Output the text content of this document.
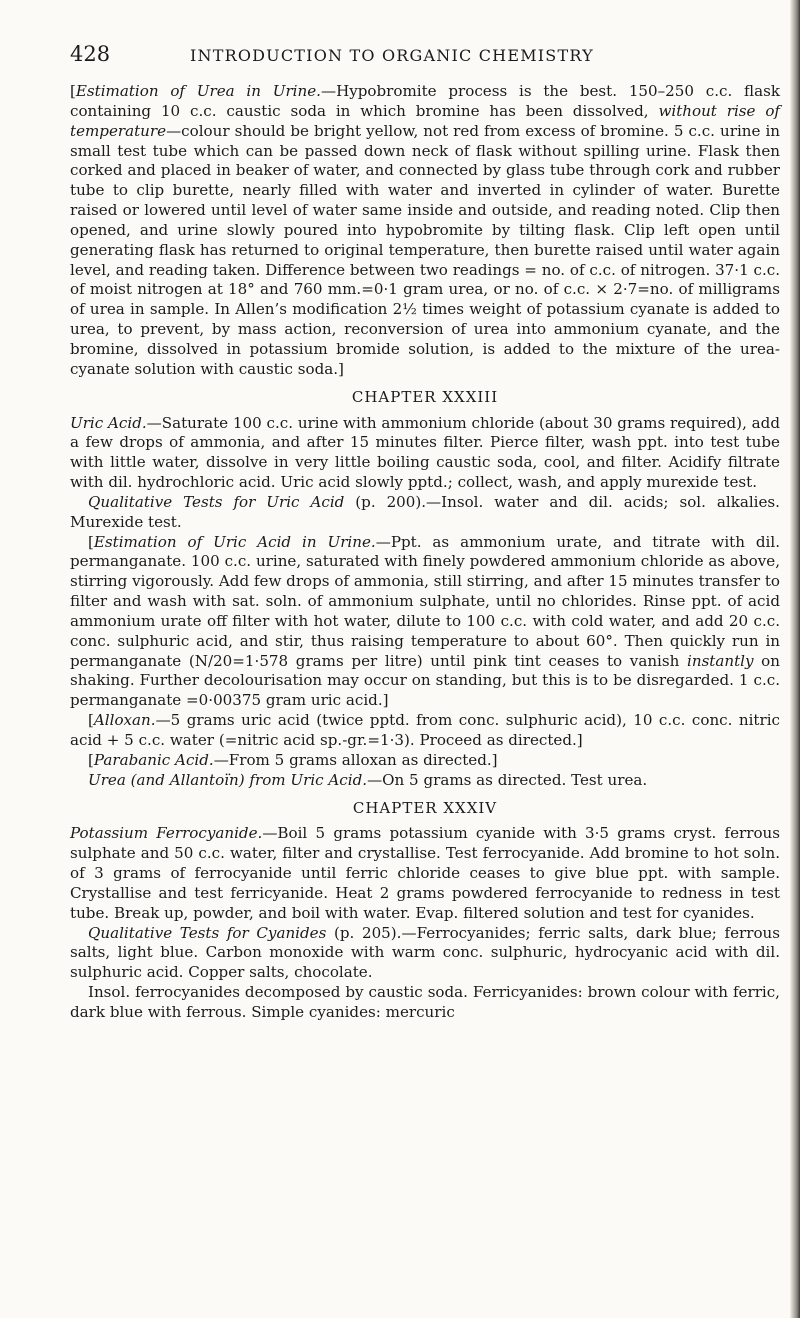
428	INTRODUCTION TO ORGANIC CHEMISTRY

[Estimation of Urea in Urine.—Hypobromite process is the best. 150–250 c.c. flask containing 10 c.c. caustic soda in which bromine has been dissolved, without rise of temperature—colour should be bright yellow, not red from excess of bromine. 5 c.c. urine in small test tube which can be passed down neck of flask without spilling urine. Flask then corked and placed in beaker of water, and connected by glass tube through cork and rubber tube to clip burette, nearly filled with water and inverted in cylinder of water. Burette raised or lowered until level of water same inside and outside, and reading noted. Clip then opened, and urine slowly poured into hypobromite by tilting flask. Clip left open until generating flask has returned to original temperature, then burette raised until water again level, and reading taken. Difference between two readings = no. of c.c. of nitrogen. 37·1 c.c. of moist nitrogen at 18° and 760 mm.=0·1 gram urea, or no. of c.c. × 2·7=no. of milligrams of urea in sample. In Allen’s modification 2½ times weight of potassium cyanate is added to urea, to prevent, by mass action, reconversion of urea into ammonium cyanate, and the bromine, dissolved in potassium bromide solution, is added to the mixture of the urea-cyanate solution with caustic soda.]

CHAPTER XXXIII

Uric Acid.—Saturate 100 c.c. urine with ammonium chloride (about 30 grams required), add a few drops of ammonia, and after 15 minutes filter. Pierce filter, wash ppt. into test tube with little water, dissolve in very little boiling caustic soda, cool, and filter. Acidify filtrate with dil. hydrochloric acid. Uric acid slowly pptd.; collect, wash, and apply murexide test.

Qualitative Tests for Uric Acid (p. 200).—Insol. water and dil. acids; sol. alkalies. Murexide test.

[Estimation of Uric Acid in Urine.—Ppt. as ammonium urate, and titrate with dil. permanganate. 100 c.c. urine, saturated with finely powdered ammonium chloride as above, stirring vigorously. Add few drops of ammonia, still stirring, and after 15 minutes transfer to filter and wash with sat. soln. of ammonium sulphate, until no chlorides. Rinse ppt. of acid ammonium urate off filter with hot water, dilute to 100 c.c. with cold water, and add 20 c.c. conc. sulphuric acid, and stir, thus raising temperature to about 60°. Then quickly run in permanganate (N/20=1·578 grams per litre) until pink tint ceases to vanish instantly on shaking. Further decolourisation may occur on standing, but this is to be disregarded. 1 c.c. permanganate =0·00375 gram uric acid.]

[Alloxan.—5 grams uric acid (twice pptd. from conc. sulphuric acid), 10 c.c. conc. nitric acid + 5 c.c. water (=nitric acid sp.-gr.=1·3). Proceed as directed.]

[Parabanic Acid.—From 5 grams alloxan as directed.]

Urea (and Allantoïn) from Uric Acid.—On 5 grams as directed. Test urea.

CHAPTER XXXIV

Potassium Ferrocyanide.—Boil 5 grams potassium cyanide with 3·5 grams cryst. ferrous sulphate and 50 c.c. water, filter and crystallise. Test ferrocyanide. Add bromine to hot soln. of 3 grams of ferrocyanide until ferric chloride ceases to give blue ppt. with sample. Crystallise and test ferricyanide. Heat 2 grams powdered ferrocyanide to redness in test tube. Break up, powder, and boil with water. Evap. filtered solution and test for cyanides.

Qualitative Tests for Cyanides (p. 205).—Ferrocyanides; ferric salts, dark blue; ferrous salts, light blue. Carbon monoxide with warm conc. sulphuric, hydrocyanic acid with dil. sulphuric acid. Copper salts, chocolate.

Insol. ferrocyanides decomposed by caustic soda. Ferricyanides: brown colour with ferric, dark blue with ferrous. Simple cyanides: mercuric
